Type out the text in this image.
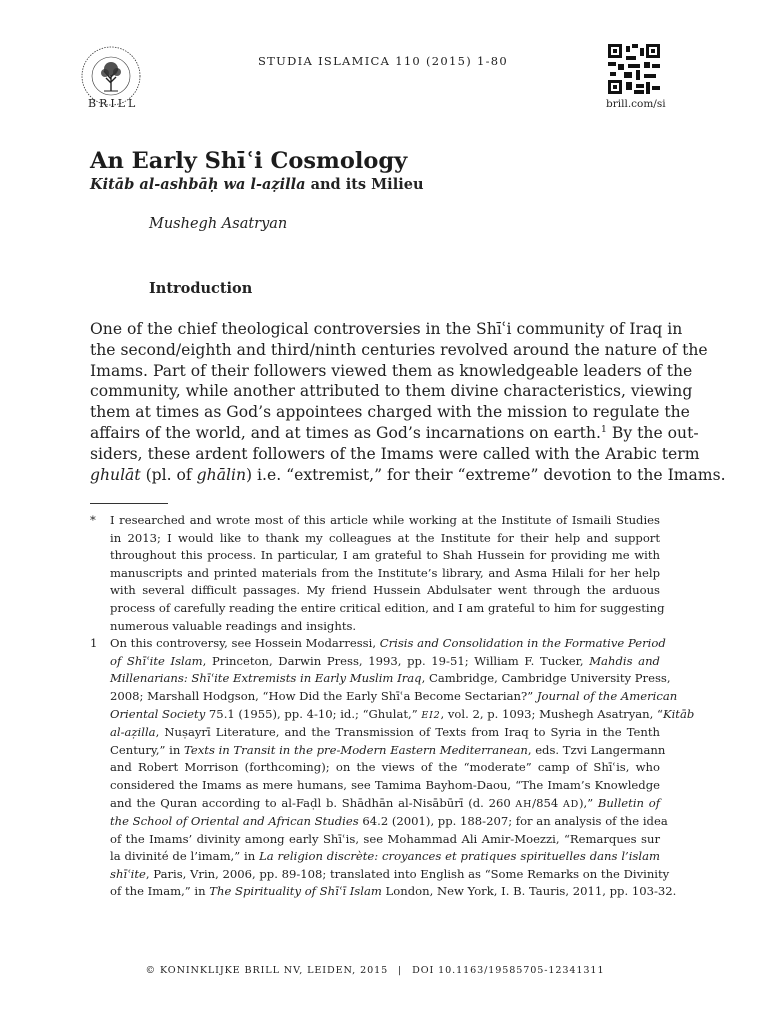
BRILL
STUDIA ISLAMICA 110 (2015) 1-80
brill.com/si
An Early Shīʿi Cosmology
Kitāb al-ashbāḥ wa l-aẓilla and its Milieu
Mushegh Asatryan
Introduction
One of the chief theological controversies in the Shīʿi community of Iraq in
the second/eighth and third/ninth centuries revolved around the nature of the
Imams. Part of their followers viewed them as knowledgeable leaders of the
community, while another attributed to them divine characteristics, viewing
them at times as God’s appointees charged with the mission to regulate the
affairs of the world, and at times as God’s incarnations on earth.$^1$ By the out-
siders, these ardent followers of the Imams were called with the Arabic term
ghulāt (pl. of ghālin) i.e. “extremist,” for their “extreme” devotion to the Imams.
*	I researched and wrote most of this article while working at the Institute of Ismaili Studies
in 2013; I would like to thank my colleagues at the Institute for their help and support
throughout this process. In particular, I am grateful to Shah Hussein for providing me with
manuscripts and printed materials from the Institute’s library, and Asma Hilali for her help
with several difficult passages. My friend Hussein Abdulsater went through the arduous
process of carefully reading the entire critical edition, and I am grateful to him for suggesting
numerous valuable readings and insights.
1	On this controversy, see Hossein Modarressi, Crisis and Consolidation in the Formative Period
of Shīʿite Islam, Princeton, Darwin Press, 1993, pp. 19-51; William F. Tucker, Mahdis and
Millenarians: Shīʿite Extremists in Early Muslim Iraq, Cambridge, Cambridge University Press,
2008; Marshall Hodgson, “How Did the Early Shīʿa Become Sectarian?” Journal of the American
Oriental Society 75.1 (1955), pp. 4-10; id.; “Ghulat,” EI2, vol. 2, p. 1093; Mushegh Asatryan, “Kitāb
al-aẓilla, Nuṣayrī Literature, and the Transmission of Texts from Iraq to Syria in the Tenth
Century,” in Texts in Transit in the pre-Modern Eastern Mediterranean, eds. Tzvi Langermann
and Robert Morrison (forthcoming); on the views of the “moderate” camp of Shīʿis, who
considered the Imams as mere humans, see Tamima Bayhom-Daou, “The Imam’s Knowledge
and the Quran according to al-Faḍl b. Shādhān al-Nisābūrī (d. 260 AH/854 AD),” Bulletin of
the School of Oriental and African Studies 64.2 (2001), pp. 188-207; for an analysis of the idea
of the Imams’ divinity among early Shīʿis, see Mohammad Ali Amir-Moezzi, “Remarques sur
la divinité de l’imam,” in La religion discrète: croyances et pratiques spirituelles dans l’islam
shīʿite, Paris, Vrin, 2006, pp. 89-108; translated into English as “Some Remarks on the Divinity
of the Imam,” in The Spirituality of Shīʿī Islam London, New York, I. B. Tauris, 2011, pp. 103-32.
© KONINKLIJKE BRILL NV, LEIDEN, 2015 | DOI 10.1163/19585705-12341311
